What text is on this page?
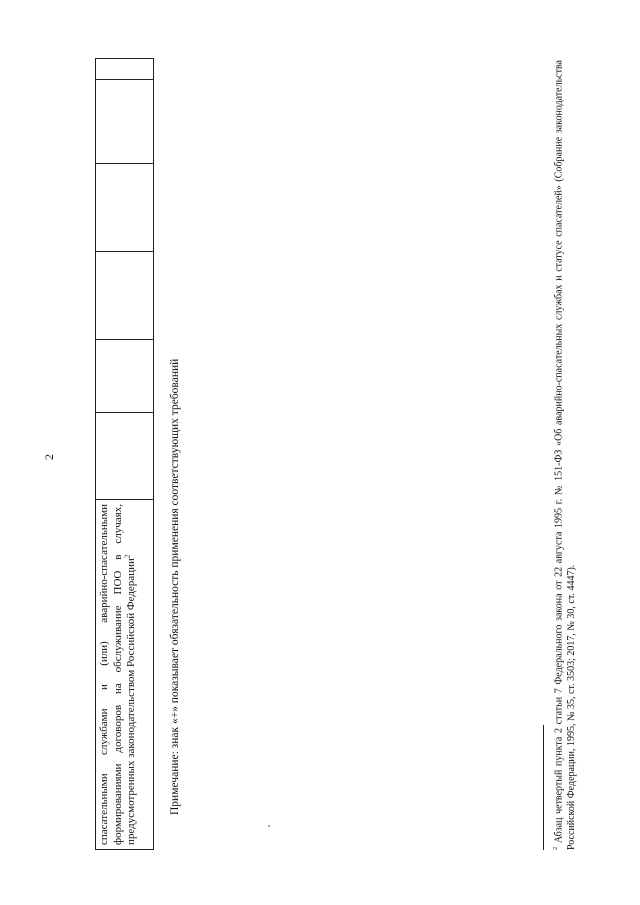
2
спасательными службами и (или) аварийно-спасательными формированиями договоров на обслуживание ПОО в случаях, предусмотренных законодательством Российской Федерации$^2$	Примечание: знак «+» показывает обязательность применения соответствующих требований
$^2$ Абзац четвертый пункта 2 статьи 7 Федерального закона от 22 августа 1995 г. № 151-ФЗ «Об аварийно-спасательных службах и статусе спасателей» (Собрание законодательства Российской Федерации, 1995, № 35, ст. 3503; 2017, № 30, ст. 4447).
